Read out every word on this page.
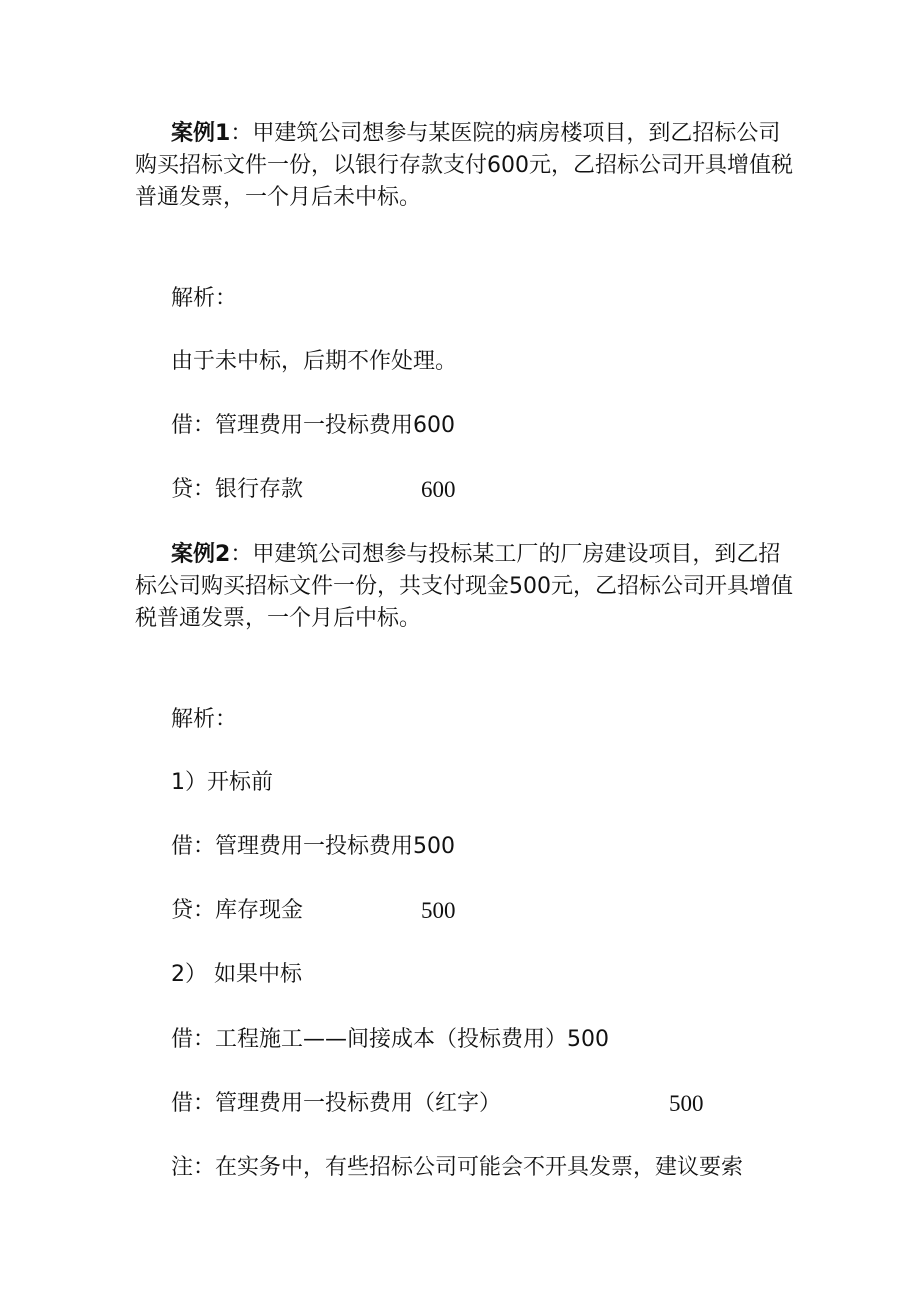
案例1：甲建筑公司想参与某医院的病房楼项目，到乙招标公司购买招标文件一份，以银行存款支付600元，乙招标公司开具增值税普通发票，一个月后未中标。

解析：

由于未中标，后期不作处理。

借：管理费用一投标费用600

贷：银行存款	600

案例2：甲建筑公司想参与投标某工厂的厂房建设项目，到乙招标公司购买招标文件一份，共支付现金500元，乙招标公司开具增值税普通发票，一个月后中标。

解析：

1）开标前

借：管理费用一投标费用500

贷：库存现金	500

2） 如果中标

借：工程施工——间接成本（投标费用）500

借：管理费用一投标费用（红字）	500

注：在实务中，有些招标公司可能会不开具发票，建议要索
